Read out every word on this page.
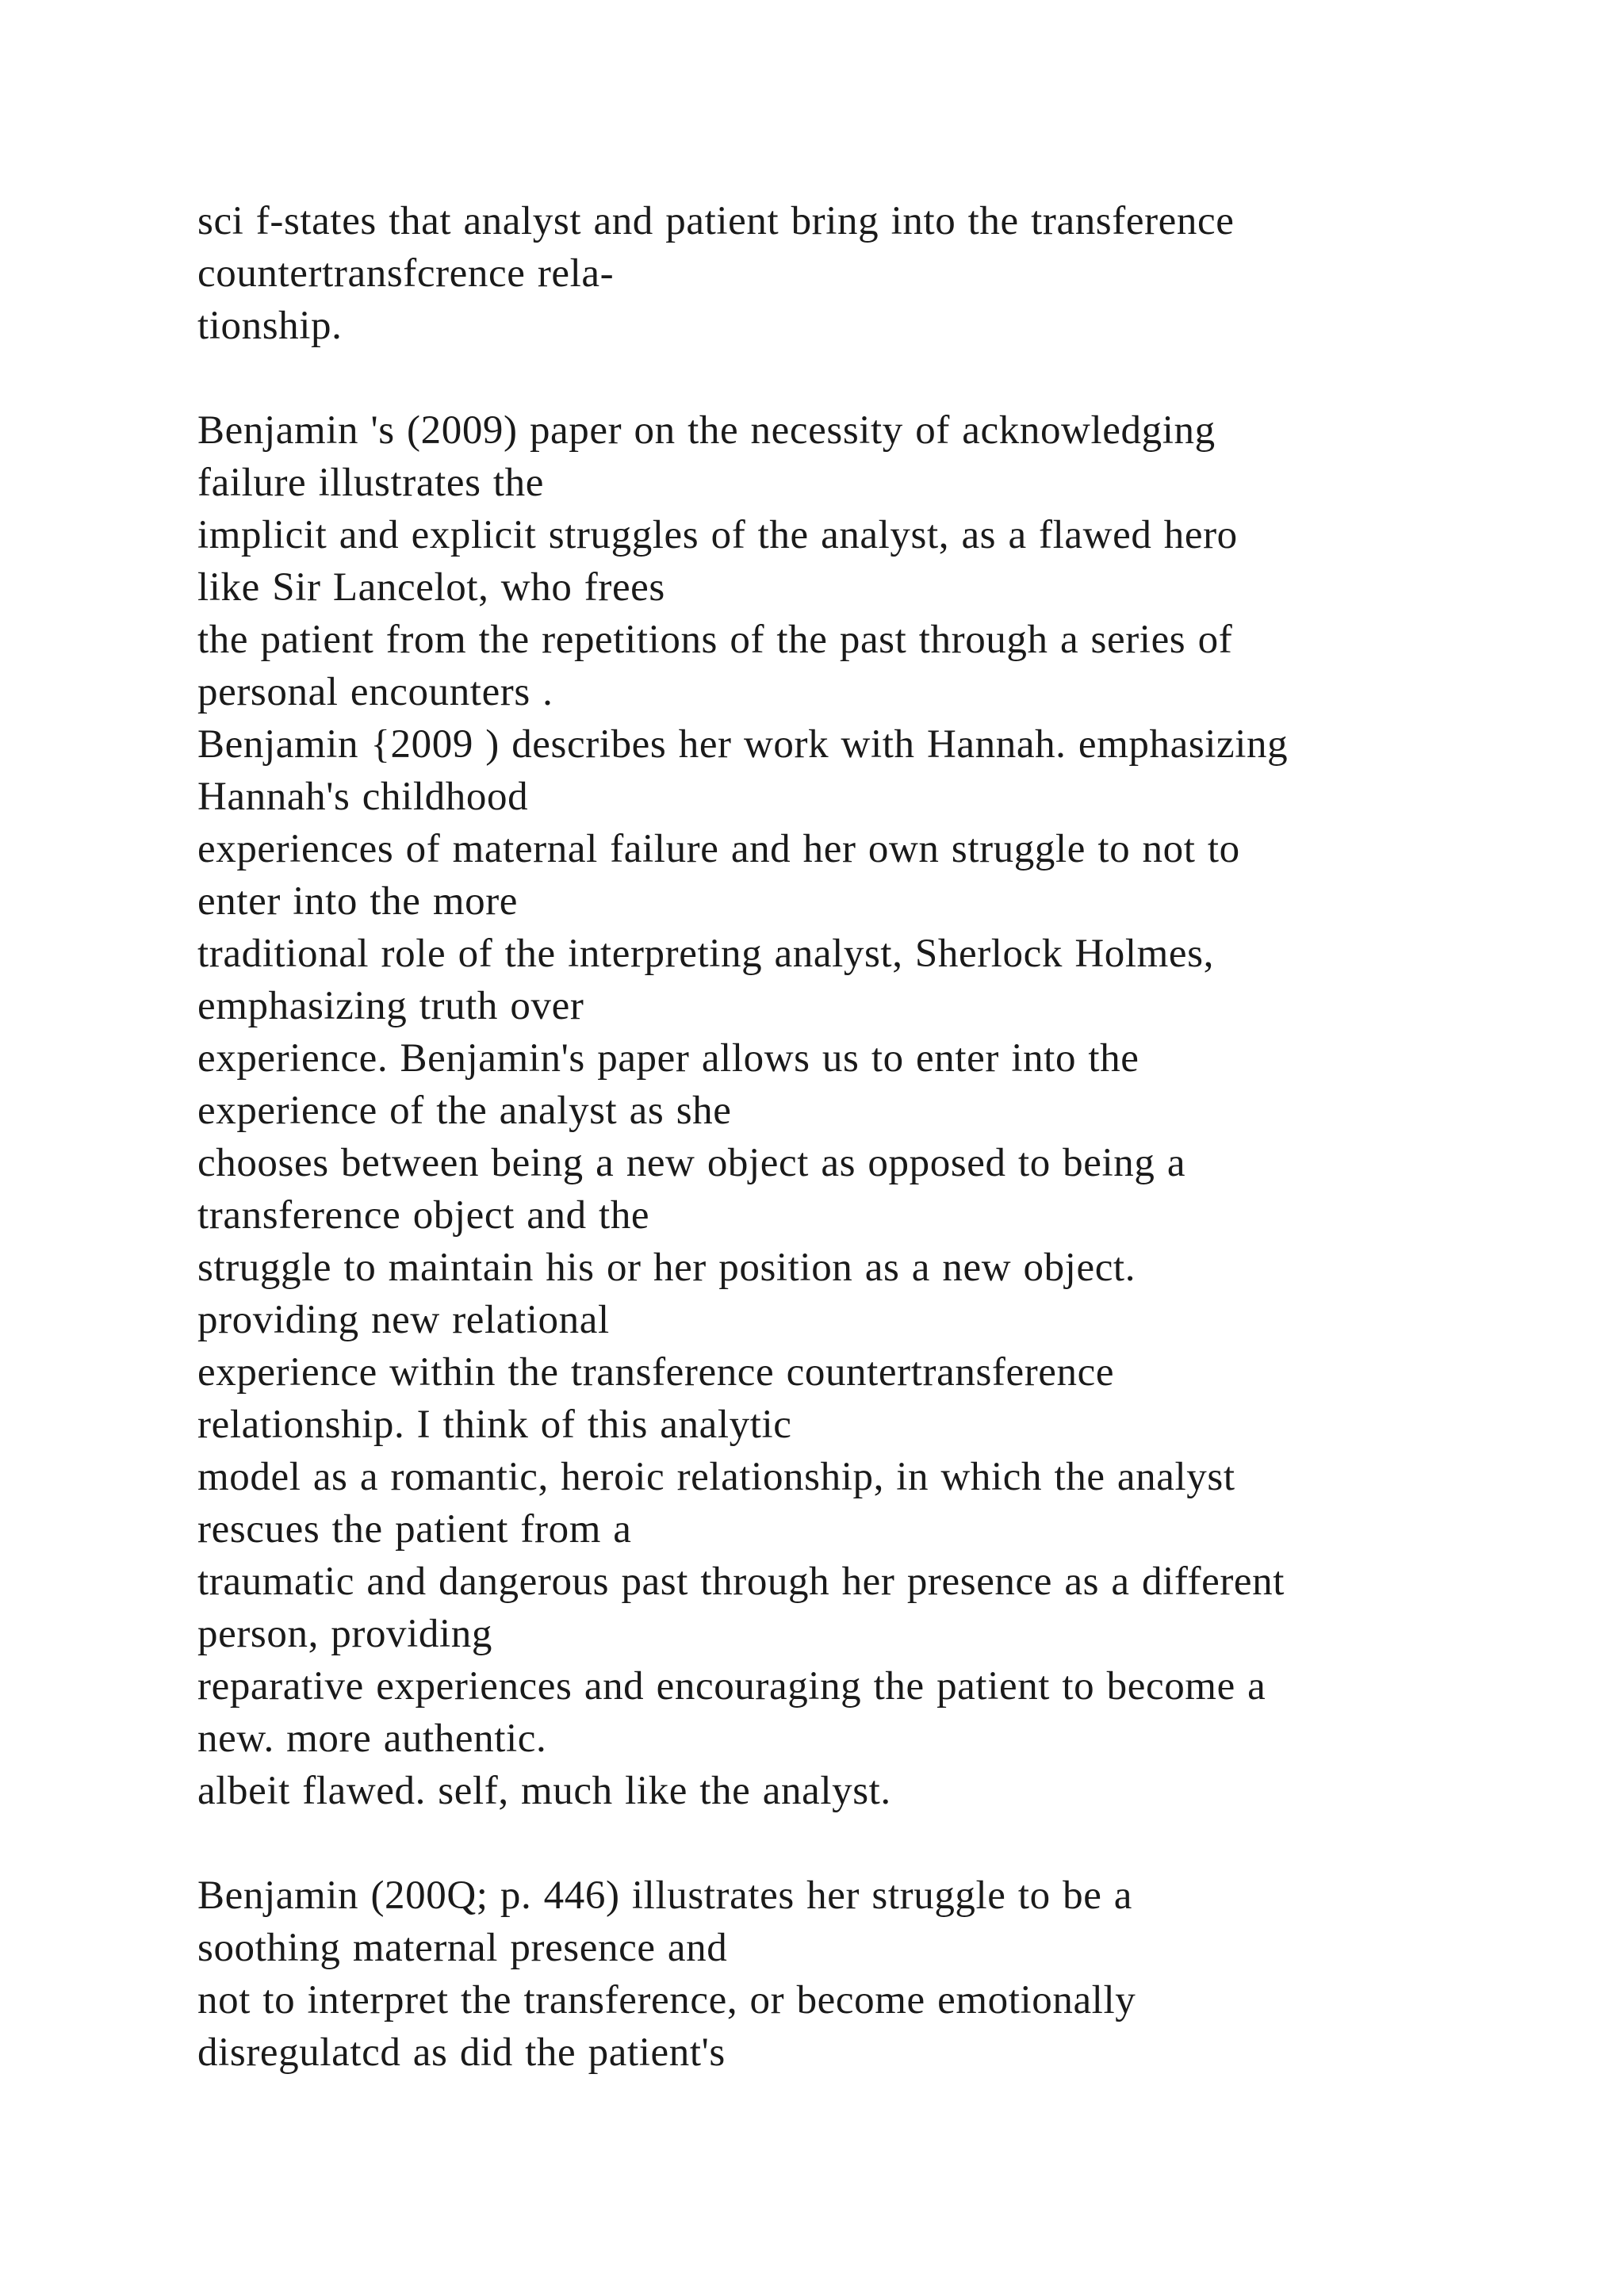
sci f-states that analyst and patient bring into the transference
countertransfcrence rela-
tionship.
Benjamin 's (2009) paper on the necessity of acknowledging
failure illustrates the
implicit and explicit struggles of the analyst, as a flawed hero
like Sir Lancelot, who frees
the patient from the repetitions of the past through a series of
personal encounters .
Benjamin {2009 ) describes her work with Hannah. emphasizing
Hannah's childhood
experiences of maternal failure and her own struggle to not to
enter into the more
traditional role of the interpreting analyst, Sherlock Holmes,
emphasizing truth over
experience. Benjamin's paper allows us to enter into the
experience of the analyst as she
chooses between being a new object as opposed to being a
transference object and the
struggle to maintain his or her position as a new object.
providing new relational
experience within the transference countertransference
relationship. I think of this analytic
model as a romantic, heroic relationship, in which the analyst
rescues the patient from a
traumatic and dangerous past through her presence as a different
person, providing
reparative experiences and encouraging the patient to become a
new. more authentic.
albeit flawed. self, much like the analyst.
Benjamin (200Q; p. 446) illustrates her struggle to be a
soothing maternal presence and
not to interpret the transference, or become emotionally
disregulatcd as did the patient's
